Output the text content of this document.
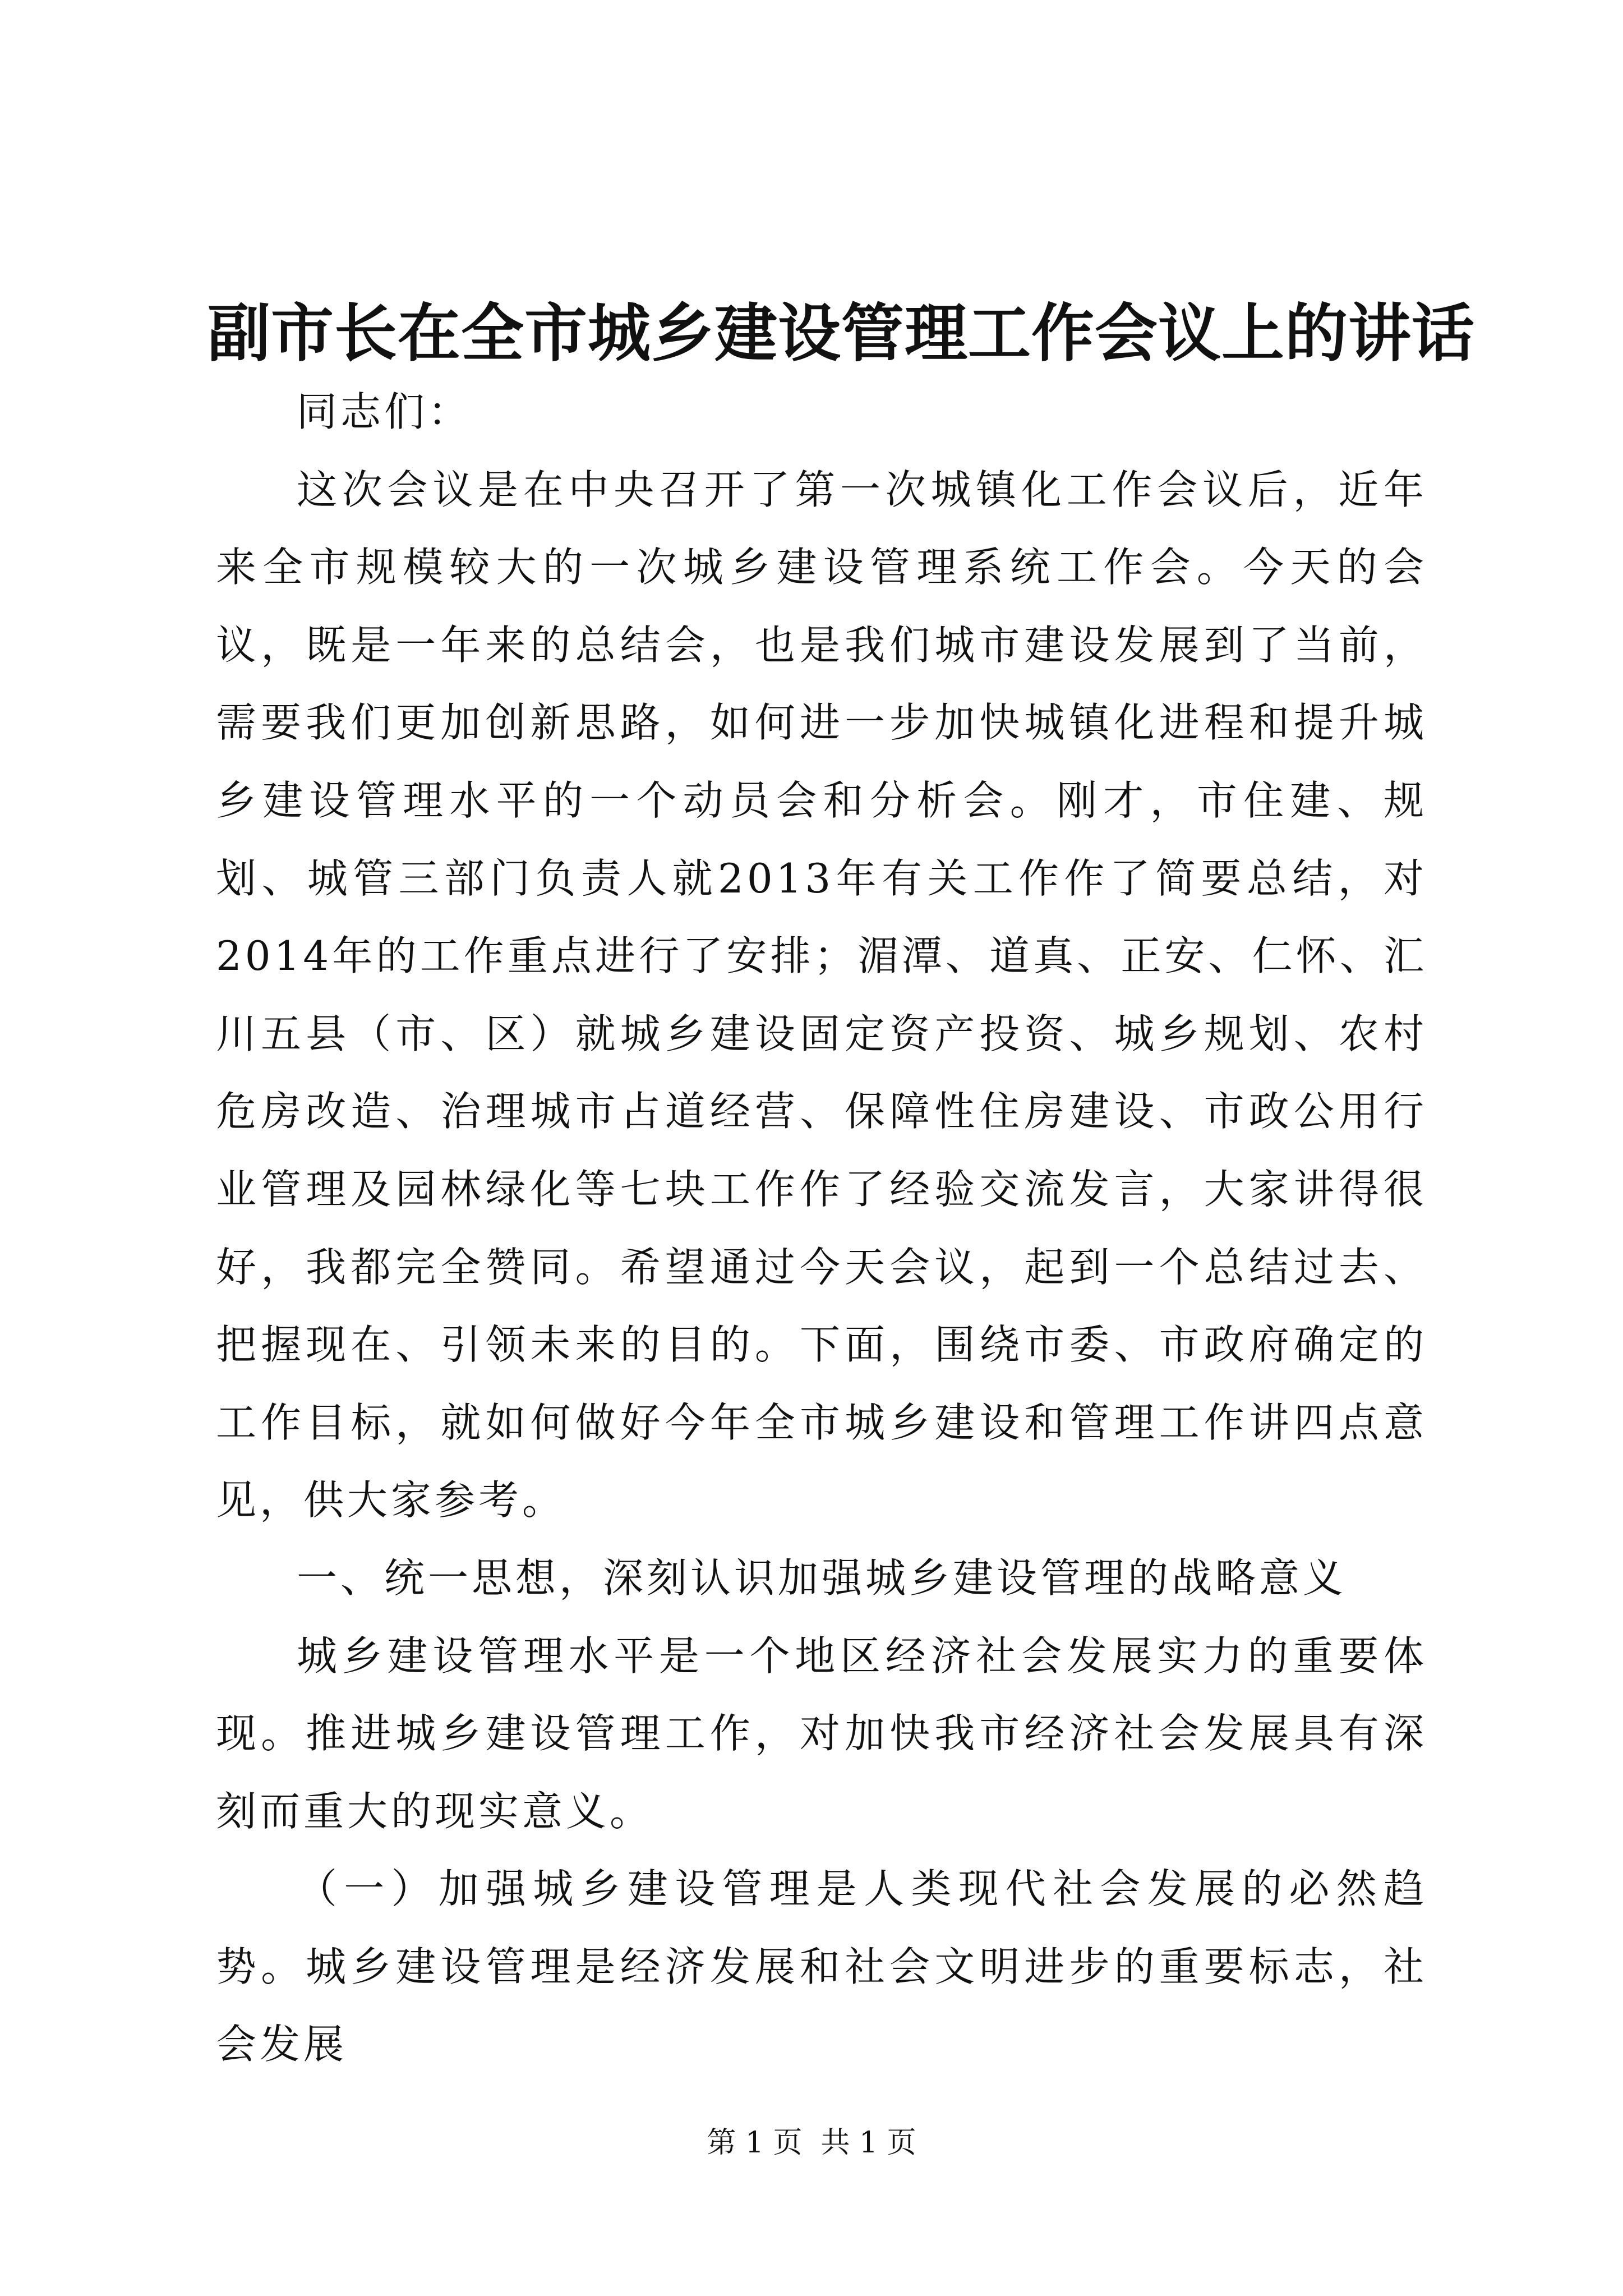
副市长在全市城乡建设管理工作会议上的讲话

同志们：

这次会议是在中央召开了第一次城镇化工作会议后，近年来全市规模较大的一次城乡建设管理系统工作会。今天的会议，既是一年来的总结会，也是我们城市建设发展到了当前，需要我们更加创新思路，如何进一步加快城镇化进程和提升城乡建设管理水平的一个动员会和分析会。刚才，市住建、规划、城管三部门负责人就2013年有关工作作了简要总结，对2014年的工作重点进行了安排；湄潭、道真、正安、仁怀、汇川五县（市、区）就城乡建设固定资产投资、城乡规划、农村危房改造、治理城市占道经营、保障性住房建设、市政公用行业管理及园林绿化等七块工作作了经验交流发言，大家讲得很好，我都完全赞同。希望通过今天会议，起到一个总结过去、把握现在、引领未来的目的。下面，围绕市委、市政府确定的工作目标，就如何做好今年全市城乡建设和管理工作讲四点意见，供大家参考。

一、统一思想，深刻认识加强城乡建设管理的战略意义

城乡建设管理水平是一个地区经济社会发展实力的重要体现。推进城乡建设管理工作，对加快我市经济社会发展具有深刻而重大的现实意义。

（一）加强城乡建设管理是人类现代社会发展的必然趋势。城乡建设管理是经济发展和社会文明进步的重要标志，社会发展

第 1 页  共 1 页
